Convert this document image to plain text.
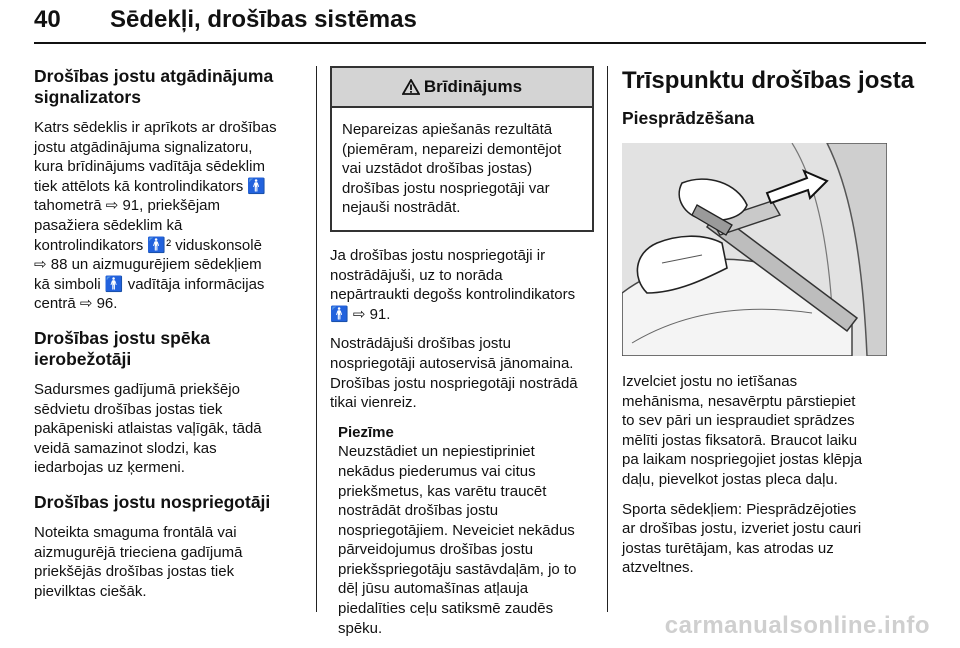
40 Sēdekļi, drošības sistēmas
Drošības jostu atgādinājuma
signalizators

Katrs sēdeklis ir aprīkots ar drošības
jostu atgādinājuma signalizatoru,
kura brīdinājums vadītāja sēdeklim
tiek attēlots kā kontrolindikators 🚹
tahometrā ⇨ 91, priekšējam
pasažiera sēdeklim kā
kontrolindikators 🚹² viduskonsolē
⇨ 88 un aizmugurējiem sēdekļiem
kā simboli 🚹 vadītāja informācijas
centrā ⇨ 96.

Drošības jostu spēka ierobežotāji

Sadursmes gadījumā priekšējo
sēdvietu drošības jostas tiek
pakāpeniski atlaistas vaļīgāk, tādā
veidā samazinot slodzi, kas
iedarbojas uz ķermeni.

Drošības jostu nospriegotāji

Noteikta smaguma frontālā vai
aizmugurējā trieciena gadījumā
priekšējās drošības jostas tiek
pievilktas ciešāk.

Brīdinājums
Nepareizas apiešanās rezultātā
(piemēram, nepareizi demontējot
vai uzstādot drošības jostas)
drošības jostu nospriegotāji var
nejauši nostrādāt.

Ja drošības jostu nospriegotāji ir
nostrādājuši, uz to norāda
nepārtraukti degošs kontrolindikators
🚹 ⇨ 91.

Nostrādājuši drošības jostu
nospriegotāji autoservisā jānomaina.
Drošības jostu nospriegotāji nostrādā
tikai vienreiz.

Piezīme

Neuzstādiet un nepiestipriniet
nekādus piederumus vai citus
priekšmetus, kas varētu traucēt
nostrādāt drošības jostu
nospriegotājiem. Neveiciet nekādus
pārveidojumus drošības jostu
priekšspriegotāju sastāvdaļām, jo to
dēļ jūsu automašīnas atļauja
piedalīties ceļu satiksmē zaudēs
spēku.

Trīspunktu drošības josta
Piesprādzēšana

Izvelciet jostu no ietīšanas
mehānisma, nesavērptu pārstiepiet
to sev pāri un iespraudiet sprādzes
mēlīti jostas fiksatorā. Braucot laiku
pa laikam nospriegojiet jostas klēpja
daļu, pievelkot jostas pleca daļu.

Sporta sēdekļiem: Piesprādzējoties
ar drošības jostu, izveriet jostu cauri
jostas turētājam, kas atrodas uz
atzveltnes.

carmanualsonline.info
